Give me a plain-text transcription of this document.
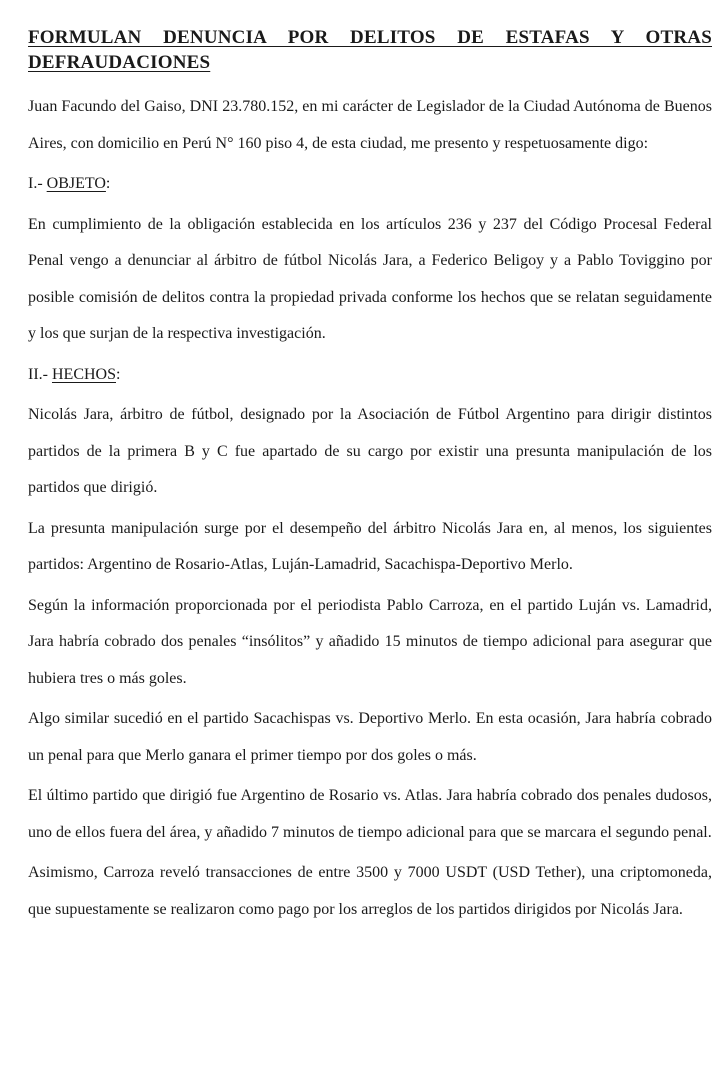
FORMULAN DENUNCIA POR DELITOS DE ESTAFAS Y OTRAS DEFRAUDACIONES

Juan Facundo del Gaiso, DNI 23.780.152, en mi carácter de Legislador de la Ciudad Autónoma de Buenos Aires, con domicilio en Perú N° 160 piso 4, de esta ciudad, me presento y respetuosamente digo:

I.- OBJETO:

En cumplimiento de la obligación establecida en los artículos 236 y 237 del Código Procesal Federal Penal vengo a denunciar al árbitro de fútbol Nicolás Jara, a Federico Beligoy y a Pablo Toviggino por posible comisión de delitos contra la propiedad privada conforme los hechos que se relatan seguidamente y los que surjan de la respectiva investigación.

II.- HECHOS:

Nicolás Jara, árbitro de fútbol, designado por la Asociación de Fútbol Argentino para dirigir distintos partidos de la primera B y C fue apartado de su cargo por existir una presunta manipulación de los partidos que dirigió.

La presunta manipulación surge por el desempeño del árbitro Nicolás Jara en, al menos, los siguientes partidos: Argentino de Rosario-Atlas, Luján-Lamadrid, Sacachispa-Deportivo Merlo.

Según la información proporcionada por el periodista Pablo Carroza, en el partido Luján vs. Lamadrid, Jara habría cobrado dos penales “insólitos” y añadido 15 minutos de tiempo adicional para asegurar que hubiera tres o más goles.

Algo similar sucedió en el partido Sacachispas vs. Deportivo Merlo. En esta ocasión, Jara habría cobrado un penal para que Merlo ganara el primer tiempo por dos goles o más.

El último partido que dirigió fue Argentino de Rosario vs. Atlas. Jara habría cobrado dos penales dudosos, uno de ellos fuera del área, y añadido 7 minutos de tiempo adicional para que se marcara el segundo penal.

Asimismo, Carroza reveló transacciones de entre 3500 y 7000 USDT (USD Tether), una criptomoneda, que supuestamente se realizaron como pago por los arreglos de los partidos dirigidos por Nicolás Jara.
